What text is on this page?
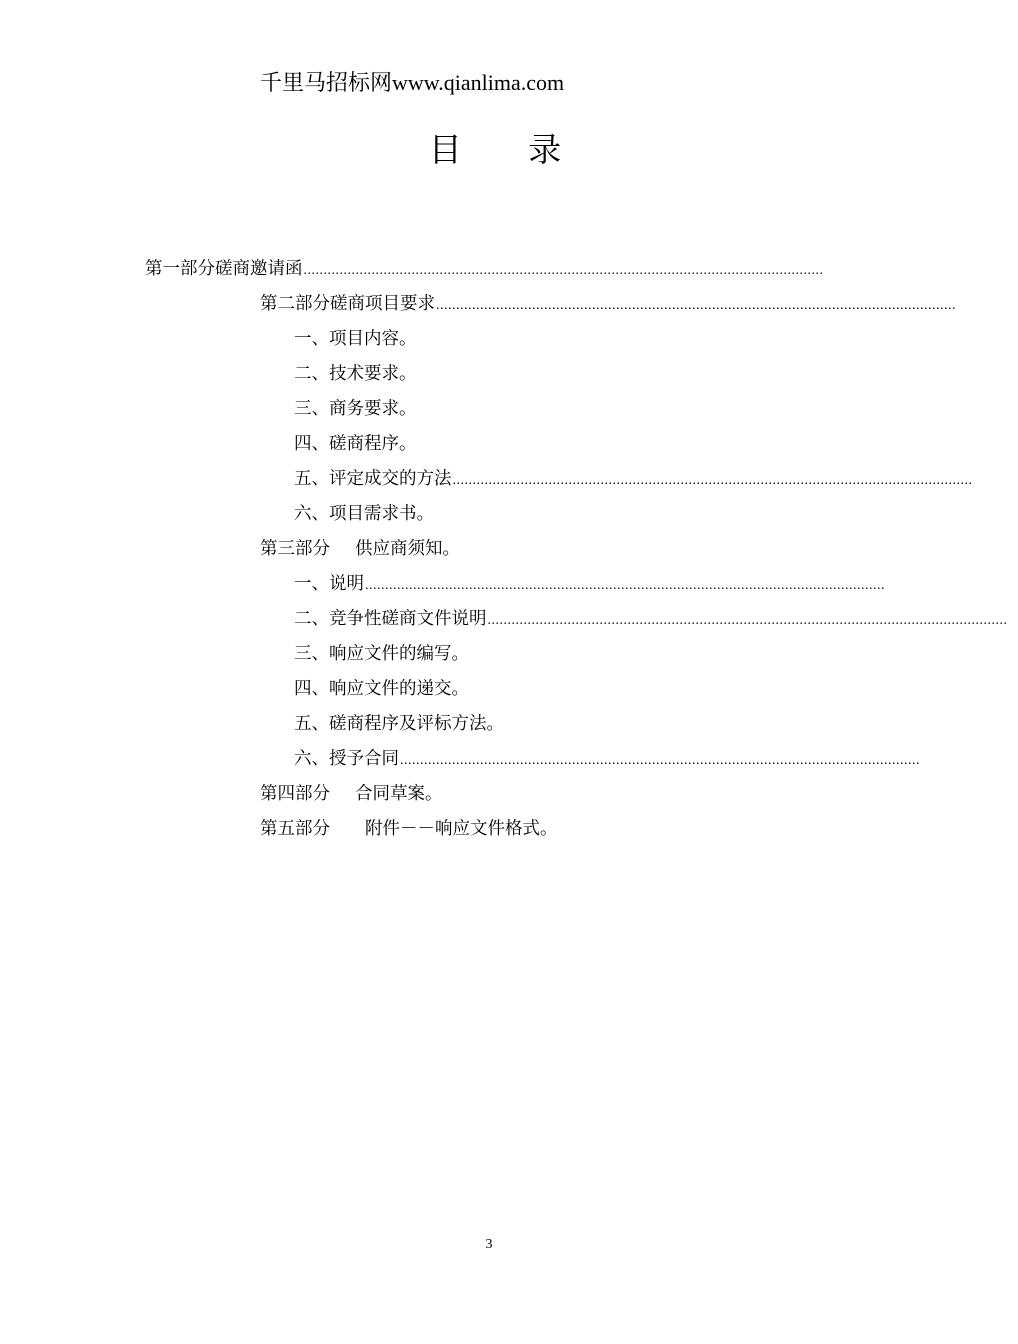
千里马招标网www.qianlima.com
目 录
第一部分 磋商邀请函 ..................................................................................................................................
第二部分 磋商项目要求 ..................................................................................................................................
一、项目内容。
二、技术要求。
三、商务要求。
四、磋商程序。
五、评定成交的方法 ..................................................................................................................................
六、项目需求书。
第三部分	供应商须知。
一、说明 ..................................................................................................................................
二、竞争性磋商文件说明 ..................................................................................................................................
三、响应文件的编写。
四、响应文件的递交。
五、磋商程序及评标方法。
六、授予合同 ..................................................................................................................................
第四部分	合同草案。
第五部分	附件－－响应文件格式。
3
